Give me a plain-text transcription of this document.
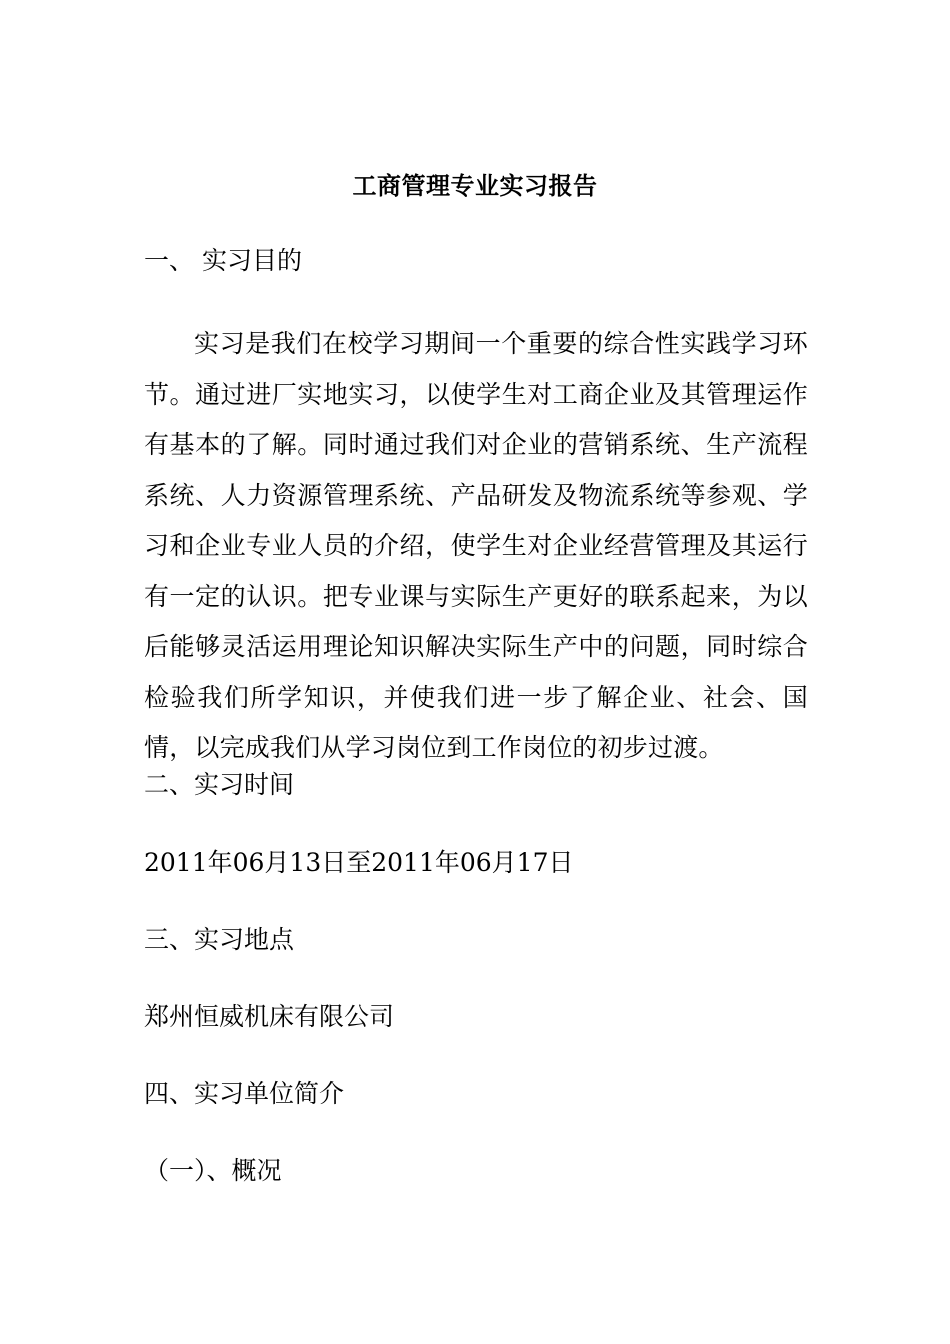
工商管理专业实习报告
一、 实习目的
实习是我们在校学习期间一个重要的综合性实践学习环节。通过进厂实地实习，以使学生对工商企业及其管理运作有基本的了解。同时通过我们对企业的营销系统、生产流程系统、人力资源管理系统、产品研发及物流系统等参观、学习和企业专业人员的介绍，使学生对企业经营管理及其运行有一定的认识。把专业课与实际生产更好的联系起来，为以后能够灵活运用理论知识解决实际生产中的问题，同时综合检验我们所学知识，并使我们进一步了解企业、社会、国情，以完成我们从学习岗位到工作岗位的初步过渡。
二、实习时间
2011年06月13日至2011年06月17日
三、实习地点
郑州恒威机床有限公司
四、实习单位简介
（一）、概况
